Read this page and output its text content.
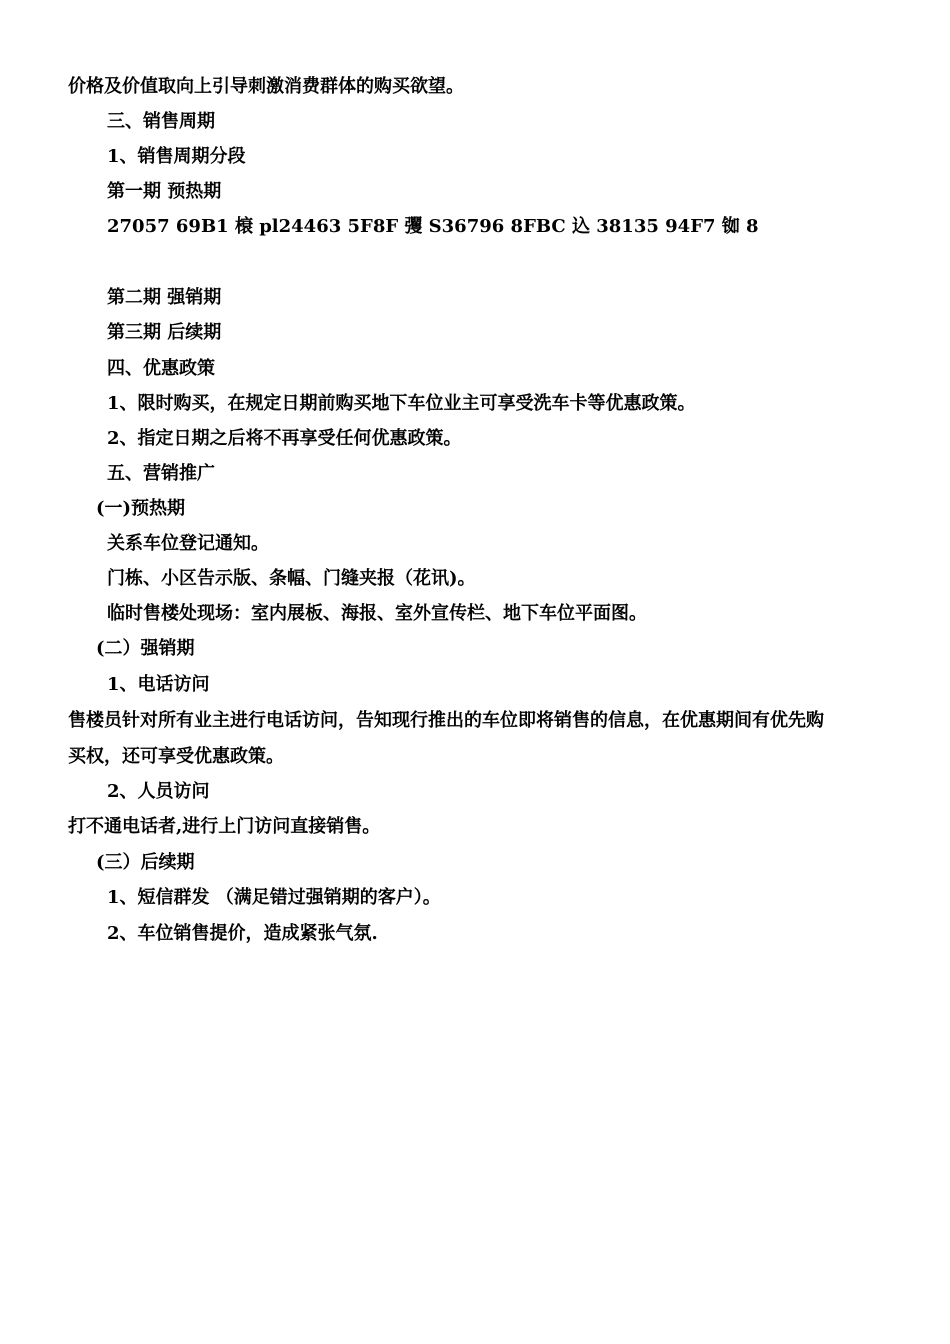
价格及价值取向上引导刺激消费群体的购买欲望。
三、销售周期
1、销售周期分段
第一期 预热期
27057 69B1 榱 pl24463 5F8F 彏 S36796 8FBC 込 38135 94F7 铷 8
第二期 强销期
第三期 后续期
四、优惠政策
1、限时购买，在规定日期前购买地下车位业主可享受洗车卡等优惠政策。
2、指定日期之后将不再享受任何优惠政策。
五、营销推广
(一)预热期
关系车位登记通知。
门栋、小区告示版、条幅、门缝夹报（花讯)。
临时售楼处现场：室内展板、海报、室外宣传栏、地下车位平面图。
(二）强销期
1、电话访问
售楼员针对所有业主进行电话访问，告知现行推出的车位即将销售的信息，在优惠期间有优先购
买权，还可享受优惠政策。
2、人员访问
打不通电话者,进行上门访问直接销售。
(三）后续期
1、短信群发 （满足错过强销期的客户）。
2、车位销售提价，造成紧张气氛.
